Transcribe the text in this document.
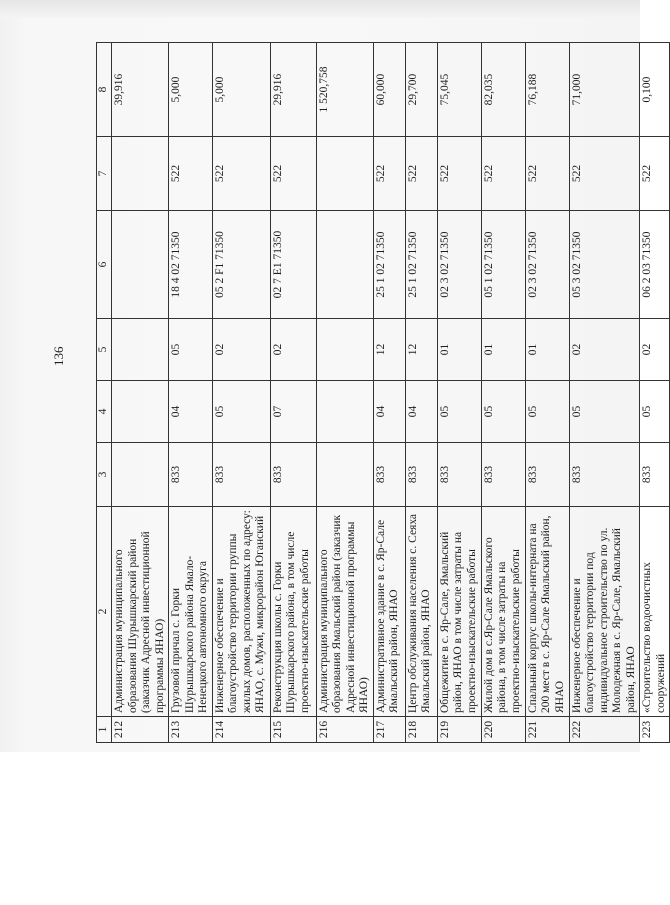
136
1	2	3	4	5	6	7	8
212	Администрация муниципального образования Шурышкарский район (заказчик Адресной инвестиционной программы ЯНАО)						39,916
213	Грузовой причал с. Горки Шурышкарского района Ямало-Ненецкого автономного округа	833	04	05	18 4 02 71350	522	5,000
214	Инженерное обеспечение и благоустройство территории группы жилых домов, расположенных по адресу: ЯНАО, с. Мужи, микрорайон Юганский	833	05	02	05 2 F1 71350	522	5,000
215	Реконструкция школы с. Горки Шурышкарского района, в том числе проектно-изыскательские работы	833	07	02	02 7 E1 71350	522	29,916
216	Администрация муниципального образования Ямальский район (заказчик Адресной инвестиционной программы ЯНАО)						1 520,758
217	Административное здание в с. Яр-Сале Ямальский район, ЯНАО	833	04	12	25 1 02 71350	522	60,000
218	Центр обслуживания населения с. Сеяха Ямальский район, ЯНАО	833	04	12	25 1 02 71350	522	29,700
219	Общежитие в с. Яр-Сале, Ямальский район, ЯНАО в том числе затраты на проектно-изыскательские работы	833	05	01	02 3 02 71350	522	75,045
220	Жилой дом в с.Яр-Сале Ямальского района, в том числе затраты на проектно-изыскательские работы	833	05	01	05 1 02 71350	522	82,035
221	Спальный корпус школы-интерната на 200 мест в с. Яр-Сале Ямальский район, ЯНАО	833	05	01	02 3 02 71350	522	76,188
222	Инженерное обеспечение и благоустройство территории под индивидуальное строительство по ул. Молодежная в с. Яр-Сале, Ямальский район, ЯНАО	833	05	02	05 3 02 71350	522	71,000
223	«Строительство водоочистных сооружений	833	05	02	06 2 03 71350	522	0,100
